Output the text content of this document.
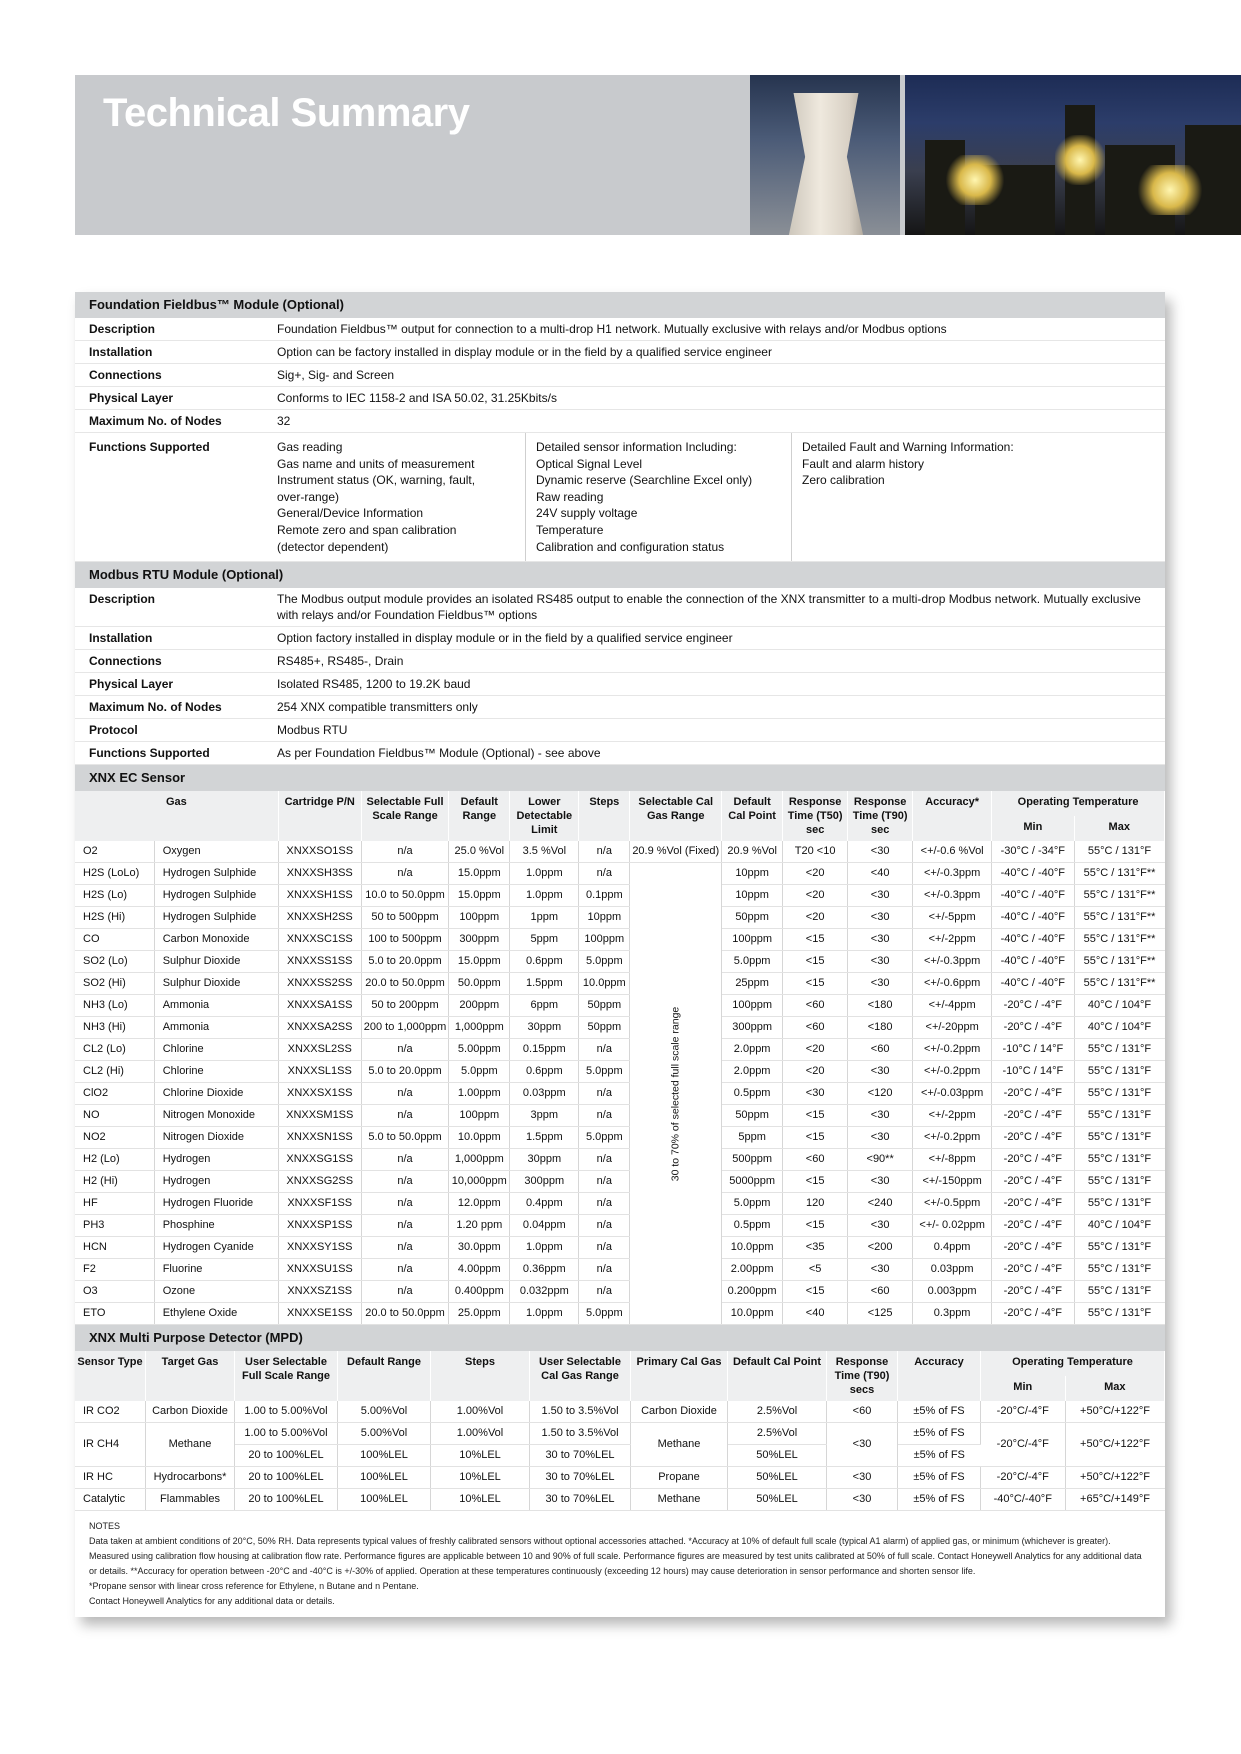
Technical Summary
Foundation Fieldbus™ Module (Optional)
Description	Foundation Fieldbus™ output for connection to a multi-drop H1 network. Mutually exclusive with relays and/or Modbus options
Installation	Option can be factory installed in display module or in the field by a qualified service engineer
Connections	Sig+, Sig- and Screen
Physical Layer	Conforms to IEC 1158-2 and ISA 50.02, 31.25Kbits/s
Maximum No. of Nodes	32
Functions Supported	Gas reading
Gas name and units of measurement
Instrument status (OK, warning, fault,
over-range)
General/Device Information
Remote zero and span calibration
(detector dependent)

Detailed sensor information Including:
Optical Signal Level
Dynamic reserve (Searchline Excel only)
Raw reading
24V supply voltage
Temperature
Calibration and configuration status

Detailed Fault and Warning Information:
Fault and alarm history
Zero calibration
Modbus RTU Module (Optional)
Description	The Modbus output module provides an isolated RS485 output to enable the connection of the XNX transmitter to a multi-drop Modbus network. Mutually exclusive with relays and/or Foundation Fieldbus™ options
Installation	Option factory installed in display module or in the field by a qualified service engineer
Connections	RS485+, RS485-, Drain
Physical Layer	Isolated RS485, 1200 to 19.2K baud
Maximum No. of Nodes	254 XNX compatible transmitters only
Protocol	Modbus RTU
Functions Supported	As per Foundation Fieldbus™ Module (Optional) - see above
XNX EC Sensor
Gas		Cartridge P/N	Selectable Full Scale Range	Default Range	Lower Detectable Limit	Steps	Selectable Cal Gas Range	Default Cal Point	Response Time (T50) sec	Response Time (T90) sec	Accuracy*	Operating Temperature	
												Min	Max
O2	Oxygen	XNXXSO1SS	n/a	25.0 %Vol	3.5 %Vol	n/a	20.9 %Vol (Fixed)	20.9 %Vol	T20 <10	<30	<+/-0.6 %Vol	-30°C / -34°F	55°C / 131°F
H2S (LoLo)	Hydrogen Sulphide	XNXXSH3SS	n/a	15.0ppm	1.0ppm	n/a	30 to 70% of selected full scale range	10ppm	<20	<40	<+/-0.3ppm	-40°C / -40°F	55°C / 131°F**
H2S (Lo)	Hydrogen Sulphide	XNXXSH1SS	10.0 to 50.0ppm	15.0ppm	1.0ppm	0.1ppm		10ppm	<20	<30	<+/-0.3ppm	-40°C / -40°F	55°C / 131°F**
H2S (Hi)	Hydrogen Sulphide	XNXXSH2SS	50 to 500ppm	100ppm	1ppm	10ppm		50ppm	<20	<30	<+/-5ppm	-40°C / -40°F	55°C / 131°F**
CO	Carbon Monoxide	XNXXSC1SS	100 to 500ppm	300ppm	5ppm	100ppm		100ppm	<15	<30	<+/-2ppm	-40°C / -40°F	55°C / 131°F**
SO2 (Lo)	Sulphur Dioxide	XNXXSS1SS	5.0 to 20.0ppm	15.0ppm	0.6ppm	5.0ppm		5.0ppm	<15	<30	<+/-0.3ppm	-40°C / -40°F	55°C / 131°F**
SO2 (Hi)	Sulphur Dioxide	XNXXSS2SS	20.0 to 50.0ppm	50.0ppm	1.5ppm	10.0ppm		25ppm	<15	<30	<+/-0.6ppm	-40°C / -40°F	55°C / 131°F**
NH3 (Lo)	Ammonia	XNXXSA1SS	50 to 200ppm	200ppm	6ppm	50ppm		100ppm	<60	<180	<+/-4ppm	-20°C / -4°F	40°C / 104°F
NH3 (Hi)	Ammonia	XNXXSA2SS	200 to 1,000ppm	1,000ppm	30ppm	50ppm		300ppm	<60	<180	<+/-20ppm	-20°C / -4°F	40°C / 104°F
CL2 (Lo)	Chlorine	XNXXSL2SS	n/a	5.00ppm	0.15ppm	n/a		2.0ppm	<20	<60	<+/-0.2ppm	-10°C / 14°F	55°C / 131°F
CL2 (Hi)	Chlorine	XNXXSL1SS	5.0 to 20.0ppm	5.0ppm	0.6ppm	5.0ppm		2.0ppm	<20	<30	<+/-0.2ppm	-10°C / 14°F	55°C / 131°F
ClO2	Chlorine Dioxide	XNXXSX1SS	n/a	1.00ppm	0.03ppm	n/a		0.5ppm	<30	<120	<+/-0.03ppm	-20°C / -4°F	55°C / 131°F
NO	Nitrogen Monoxide	XNXXSM1SS	n/a	100ppm	3ppm	n/a		50ppm	<15	<30	<+/-2ppm	-20°C / -4°F	55°C / 131°F
NO2	Nitrogen Dioxide	XNXXSN1SS	5.0 to 50.0ppm	10.0ppm	1.5ppm	5.0ppm		5ppm	<15	<30	<+/-0.2ppm	-20°C / -4°F	55°C / 131°F
H2 (Lo)	Hydrogen	XNXXSG1SS	n/a	1,000ppm	30ppm	n/a		500ppm	<60	<90**	<+/-8ppm	-20°C / -4°F	55°C / 131°F
H2 (Hi)	Hydrogen	XNXXSG2SS	n/a	10,000ppm	300ppm	n/a		5000ppm	<15	<30	<+/-150ppm	-20°C / -4°F	55°C / 131°F
HF	Hydrogen Fluoride	XNXXSF1SS	n/a	12.0ppm	0.4ppm	n/a		5.0ppm	120	<240	<+/-0.5ppm	-20°C / -4°F	55°C / 131°F
PH3	Phosphine	XNXXSP1SS	n/a	1.20 ppm	0.04ppm	n/a		0.5ppm	<15	<30	<+/- 0.02ppm	-20°C / -4°F	40°C / 104°F
HCN	Hydrogen Cyanide	XNXXSY1SS	n/a	30.0ppm	1.0ppm	n/a		10.0ppm	<35	<200	0.4ppm	-20°C / -4°F	55°C / 131°F
F2	Fluorine	XNXXSU1SS	n/a	4.00ppm	0.36ppm	n/a		2.00ppm	<5	<30	0.03ppm	-20°C / -4°F	55°C / 131°F
O3	Ozone	XNXXSZ1SS	n/a	0.400ppm	0.032ppm	n/a		0.200ppm	<15	<60	0.003ppm	-20°C / -4°F	55°C / 131°F
ETO	Ethylene Oxide	XNXXSE1SS	20.0 to 50.0ppm	25.0ppm	1.0ppm	5.0ppm		10.0ppm	<40	<125	0.3ppm	-20°C / -4°F	55°C / 131°F
XNX Multi Purpose Detector (MPD)
Sensor Type	Target Gas	User Selectable Full Scale Range	Default Range	Steps	User Selectable Cal Gas Range	Primary Cal Gas	Default Cal Point	Response Time (T90) secs	Accuracy	Operating Temperature	
										Min	Max
IR CO2	Carbon Dioxide	1.00 to 5.00%Vol	5.00%Vol	1.00%Vol	1.50 to 3.5%Vol	Carbon Dioxide	2.5%Vol	<60	±5% of FS	-20°C/-4°F	+50°C/+122°F
IR CH4	Methane	1.00 to 5.00%Vol	5.00%Vol	1.00%Vol	1.50 to 3.5%Vol	Methane	2.5%Vol	<30	±5% of FS	-20°C/-4°F	+50°C/+122°F
		20 to 100%LEL	100%LEL	10%LEL	30 to 70%LEL		50%LEL		±5% of FS		
IR HC	Hydrocarbons*	20 to 100%LEL	100%LEL	10%LEL	30 to 70%LEL	Propane	50%LEL	<30	±5% of FS	-20°C/-4°F	+50°C/+122°F
Catalytic	Flammables	20 to 100%LEL	100%LEL	10%LEL	30 to 70%LEL	Methane	50%LEL	<30	±5% of FS	-40°C/-40°F	+65°C/+149°F
NOTES
Data taken at ambient conditions of 20°C, 50% RH. Data represents typical values of freshly calibrated sensors without optional accessories attached. *Accuracy at 10% of default full scale (typical A1 alarm) of applied gas, or minimum (whichever is greater). Measured using calibration flow housing at calibration flow rate. Performance figures are applicable between 10 and 90% of full scale. Performance figures are measured by test units calibrated at 50% of full scale. Contact Honeywell Analytics for any additional data or details. **Accuracy for operation between -20°C and -40°C is +/-30% of applied. Operation at these temperatures continuously (exceeding 12 hours) may cause deterioration in sensor performance and shorten sensor life.
*Propane sensor with linear cross reference for Ethylene, n Butane and n Pentane.
Contact Honeywell Analytics for any additional data or details.
